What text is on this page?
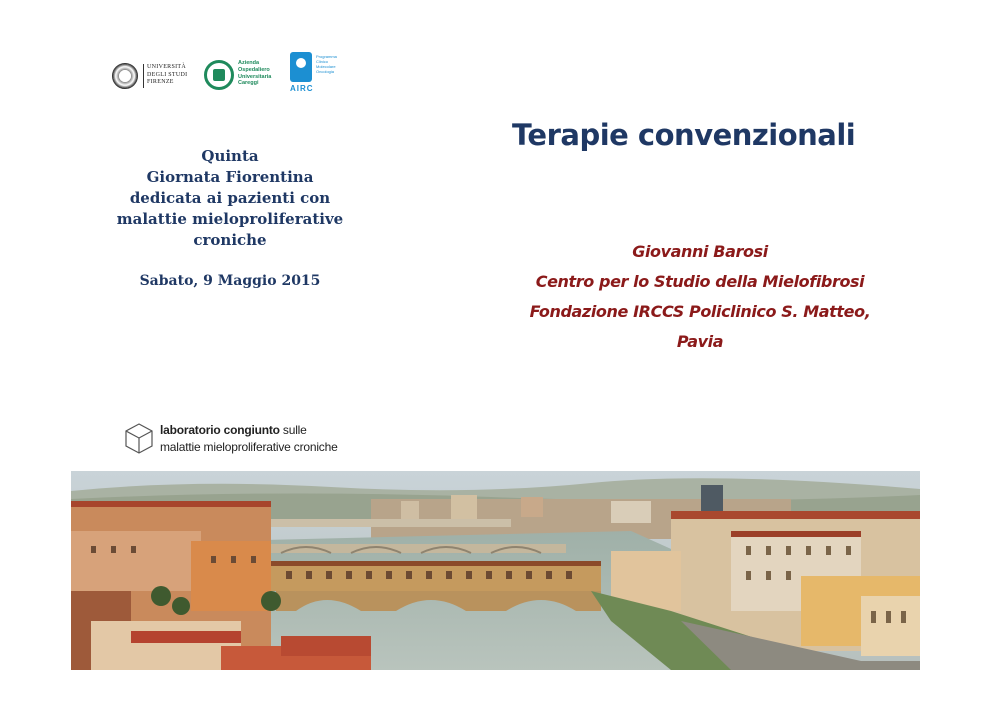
UNIVERSITÀ
DEGLI STUDI
FIRENZE
Azienda
Ospedaliero
Universitaria
Careggi
Programma
Clinico
Molecolare
Oncologia
AIRC
Quinta
Giornata Fiorentina
dedicata ai pazienti con
malattie mieloproliferative
croniche
Sabato, 9 Maggio 2015
Terapie convenzionali
Giovanni Barosi
Centro per lo Studio della Mielofibrosi
Fondazione IRCCS Policlinico S. Matteo,
Pavia
laboratorio congiunto sulle
malattie mieloproliferative croniche
